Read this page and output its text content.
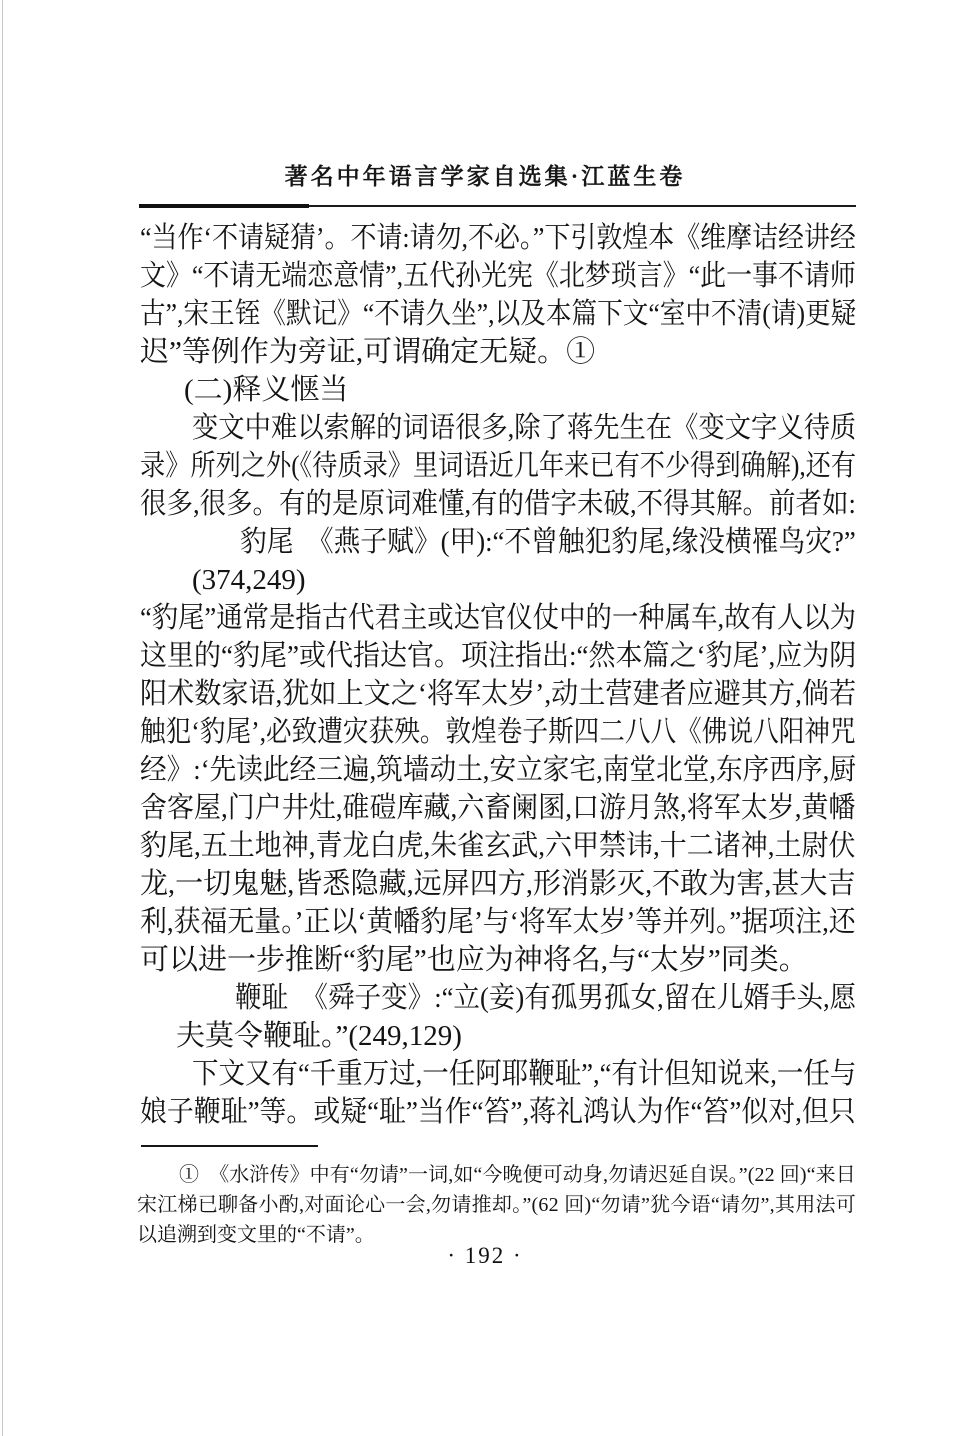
著名中年语言学家自选集·江蓝生卷
“当作‘不请疑猜’。不请:请勿,不必。”下引敦煌本《维摩诘经讲经
文》“不请无端恋意情”,五代孙光宪《北梦琐言》“此一事不请师
古”,宋王铚《默记》“不请久坐”,以及本篇下文“室中不清(请)更疑
迟”等例作为旁证,可谓确定无疑。①
(二)释义惬当
变文中难以索解的词语很多,除了蒋先生在《变文字义待质
录》所列之外(《待质录》里词语近几年来已有不少得到确解),还有
很多,很多。有的是原词难懂,有的借字未破,不得其解。前者如:
豹尾　《燕子赋》(甲):“不曾触犯豹尾,缘没横罹鸟灾?”
(374,249)
“豹尾”通常是指古代君主或达官仪仗中的一种属车,故有人以为
这里的“豹尾”或代指达官。项注指出:“然本篇之‘豹尾’,应为阴
阳术数家语,犹如上文之‘将军太岁’,动土营建者应避其方,倘若
触犯‘豹尾’,必致遭灾获殃。敦煌卷子斯四二八八《佛说八阳神咒
经》:‘先读此经三遍,筑墙动土,安立家宅,南堂北堂,东序西序,厨
舍客屋,门户井灶,碓磑库藏,六畜阑圂,口游月煞,将军太岁,黄幡
豹尾,五土地神,青龙白虎,朱雀玄武,六甲禁讳,十二诸神,土尉伏
龙,一切鬼魅,皆悉隐藏,远屏四方,形消影灭,不敢为害,甚大吉
利,获福无量。’正以‘黄幡豹尾’与‘将军太岁’等并列。”据项注,还
可以进一步推断“豹尾”也应为神将名,与“太岁”同类。
鞭耻　《舜子变》:“立(妾)有孤男孤女,留在儿婿手头,愿
夫莫令鞭耻。”(249,129)
下文又有“千重万过,一任阿耶鞭耻”,“有计但知说来,一任与
娘子鞭耻”等。或疑“耻”当作“笞”,蒋礼鸿认为作“笞”似对,但只
①　《水浒传》中有“勿请”一词,如“今晚便可动身,勿请迟延自误。”(22 回)“来日
宋江梯已聊备小酌,对面论心一会,勿请推却。”(62 回)“勿请”犹今语“请勿”,其用法可
以追溯到变文里的“不请”。
· 192 ·
